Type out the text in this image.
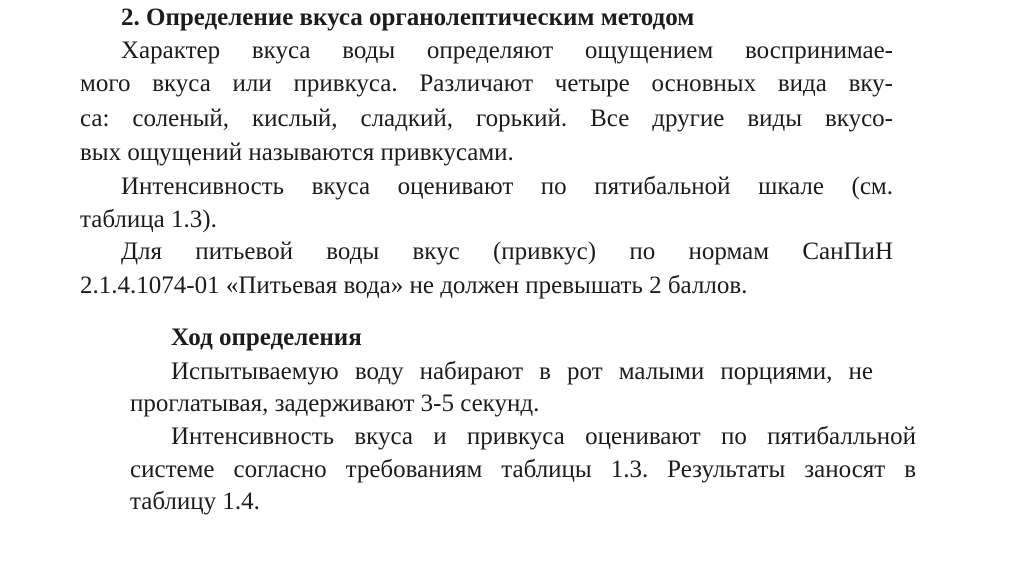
2. Определение вкуса органолептическим методом
Характер вкуса воды определяют ощущением воспринимае-
мого вкуса или привкуса. Различают четыре основных вида вку-
са: соленый, кислый, сладкий, горький. Все другие виды вкусо-
вых ощущений называются привкусами.
Интенсивность вкуса оценивают по пятибальной шкале (см.
таблица 1.3).
Для питьевой воды вкус (привкус) по нормам СанПиН
2.1.4.1074-01 «Питьевая вода» не должен превышать 2 баллов.
Ход определения
Испытываемую воду набирают в рот малыми порциями, не
проглатывая, задерживают 3-5 секунд.
Интенсивность вкуса и привкуса оценивают по пятибалльной
системе согласно требованиям таблицы 1.3. Результаты заносят в
таблицу 1.4.
